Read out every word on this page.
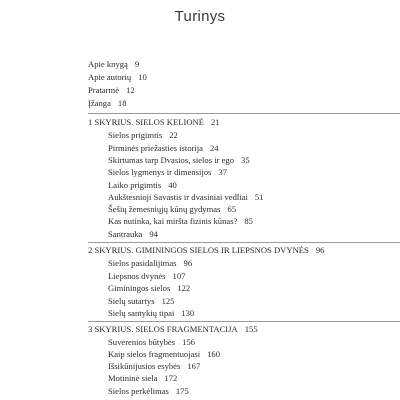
Turinys
Apie knygą 9
Apie autorių 10
Pratarmė 12
Įžanga 18
1 SKYRIUS. SIELOS KELIONĖ 21
Sielos prigimtis 22
Pirminės priežasties istorija 24
Skirtumas tarp Dvasios, sielos ir ego 35
Sielos lygmenys ir dimensijos 37
Laiko prigimtis 40
Aukštesnioji Savastis ir dvasiniai vedliai 51
Šešių žemesniųjų kūnų gydymas 65
Kas nutinka, kai miršta fizinis kūnas? 85
Santrauka 94
2 SKYRIUS. GIMININGOS SIELOS IR LIEPSNOS DVYNĖS 96
Sielos pasidalijimas 96
Liepsnos dvynės 107
Giminingos sielos 122
Sielų sutartys 125
Sielų santykių tipai 130
3 SKYRIUS. SIELOS FRAGMENTACIJA 155
Suverenios būtybės 156
Kaip sielos fragmentuojasi 160
Išsikūnijusios esybės 167
Motininė siela 172
Sielos perkėlimas 175
